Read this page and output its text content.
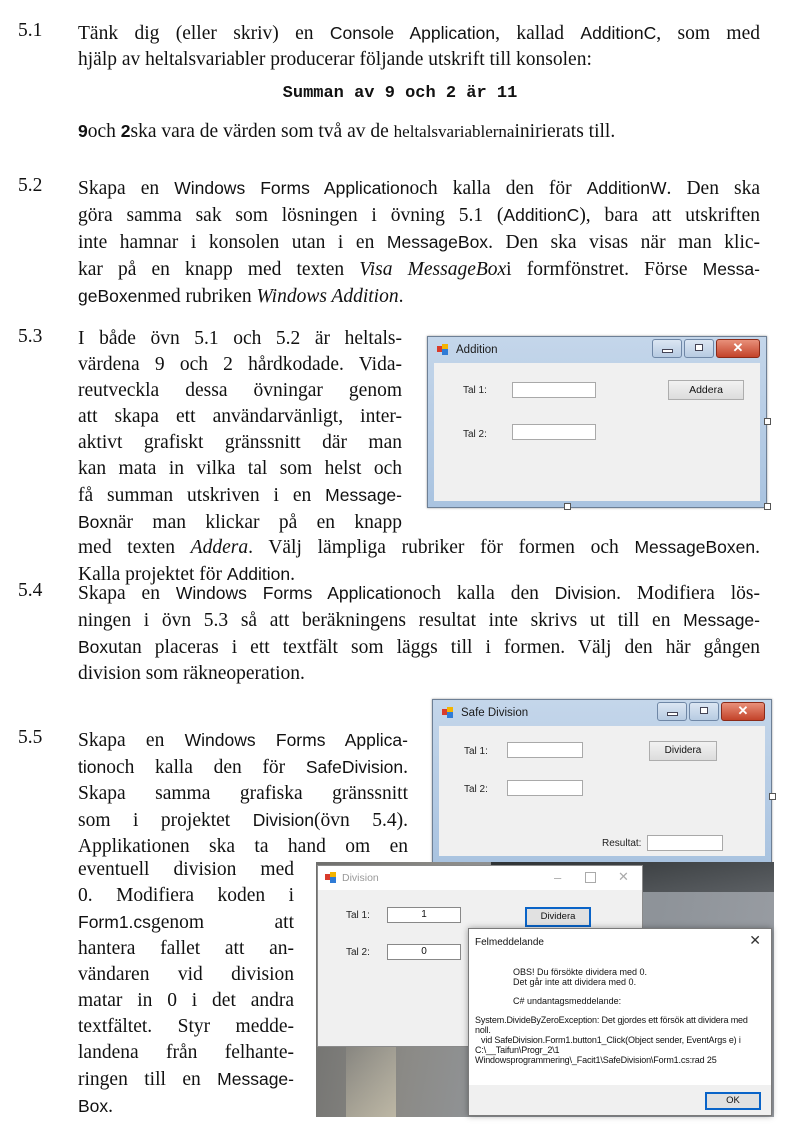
5.1 Tänk dig (eller skriv) en Console Application, kallad AdditionC, som med
hjälp av heltalsvariabler producerar följande utskrift till konsolen:
Summan av 9 och 2 är 11
9och 2ska vara de värden som två av de heltalsvariablernainirierats till.
5.2 Skapa en Windows Forms Applicationoch kalla den för AdditionW. Den ska
göra samma sak som lösningen i övning 5.1 (AdditionC), bara att utskriften
inte hamnar i konsolen utan i en MessageBox. Den ska visas när man klic-
kar på en knapp med texten Visa MessageBoxi formfönstret. Förse Messa-
geBoxenmed rubriken Windows Addition.
5.3 I både övn 5.1 och 5.2 är heltals-
värdena 9 och 2 hårdkodade. Vida-
reutveckla dessa övningar genom
att skapa ett användarvänligt, inter-
aktivt grafiskt gränssnitt där man
kan mata in vilka tal som helst och
få summan utskriven i en Message-
Boxnär man klickar på en knapp
med texten Addera. Välj lämpliga rubriker för formen och MessageBoxen.
Kalla projektet för Addition.
Addition	✕
Tal 1:
Tal 2:
Addera
5.4 Skapa en Windows Forms Applicationoch kalla den Division. Modifiera lös-
ningen i övn 5.3 så att beräkningens resultat inte skrivs ut till en Message-
Boxutan placeras i ett textfält som läggs till i formen. Välj den här gången
division som räkneoperation.
Safe Division	✕
Tal 1:
Tal 2:
Dividera
Resultat:
5.5 Skapa en Windows Forms Applica-
tionoch kalla den för SafeDivision.
Skapa samma grafiska gränssnitt
som i projektet Division(övn 5.4).
Applikationen ska ta hand om en
eventuell division med
0. Modifiera koden i
Form1.csgenom att
hantera fallet att an-
vändaren vid division
matar in 0 i det andra
textfältet. Styr medde-
landena från felhante-
ringen till en Message-
Box.
Division	–	✕
Tal 1:	1
Tal 2:	0
Dividera
Felmeddelande	✕
OBS! Du försökte dividera med 0.
Det går inte att dividera med 0.
C# undantagsmeddelande:
System.DivideByZeroException: Det gjordes ett försök att dividera med
noll.
vid SafeDivision.Form1.button1_Click(Object sender, EventArgs e) i
C:\__Taifun\Progr_2\1
Windowsprogrammering\_Facit1\SafeDivision\Form1.cs:rad 25
OK
